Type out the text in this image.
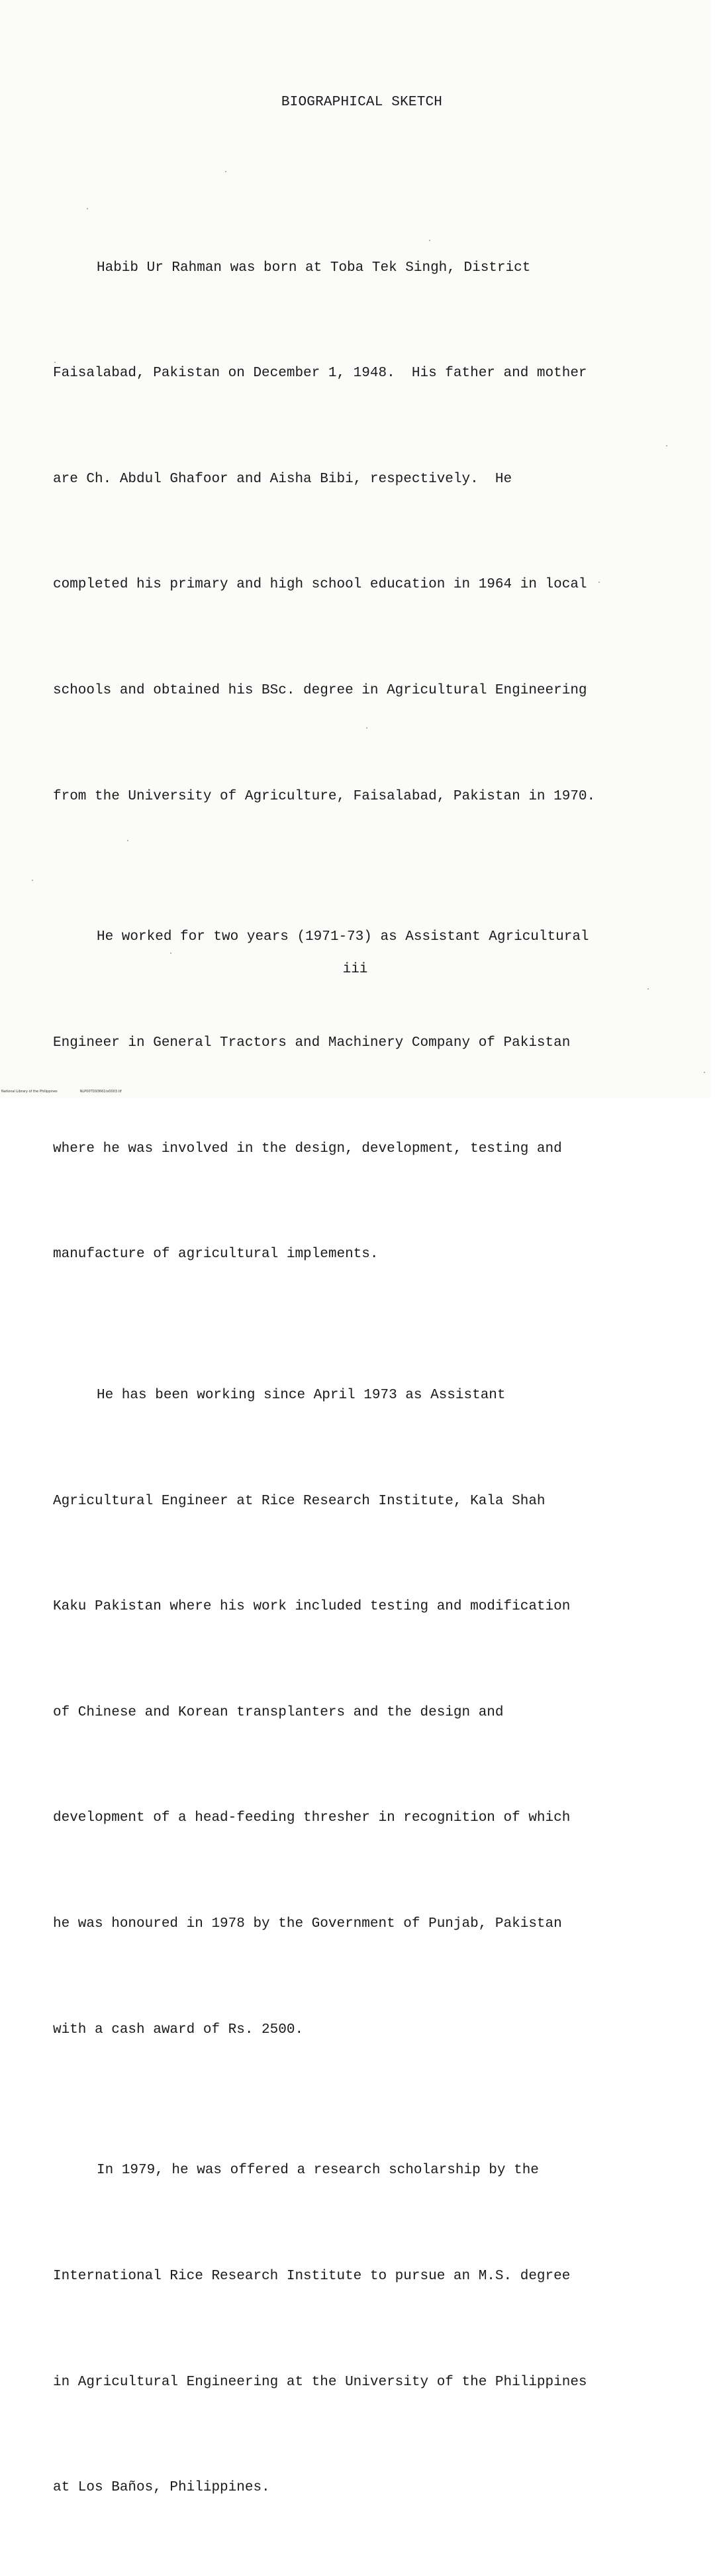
BIOGRAPHICAL SKETCH

Habib Ur Rahman was born at Toba Tek Singh, District

Faisalabad, Pakistan on December 1, 1948.  His father and mother

are Ch. Abdul Ghafoor and Aisha Bibi, respectively.  He

completed his primary and high school education in 1964 in local

schools and obtained his BSc. degree in Agricultural Engineering

from the University of Agriculture, Faisalabad, Pakistan in 1970.

He worked for two years (1971-73) as Assistant Agricultural

Engineer in General Tractors and Machinery Company of Pakistan

where he was involved in the design, development, testing and

manufacture of agricultural implements.

He has been working since April 1973 as Assistant

Agricultural Engineer at Rice Research Institute, Kala Shah

Kaku Pakistan where his work included testing and modification

of Chinese and Korean transplanters and the design and

development of a head-feeding thresher in recognition of which

he was honoured in 1978 by the Government of Punjab, Pakistan

with a cash award of Rs. 2500.

In 1979, he was offered a research scholarship by the

International Rice Research Institute to pursue an M.S. degree

in Agricultural Engineering at the University of the Philippines

at Los Baños, Philippines.

iii
National Library of the Philippines	NLP00TD93661tx0003.tif
